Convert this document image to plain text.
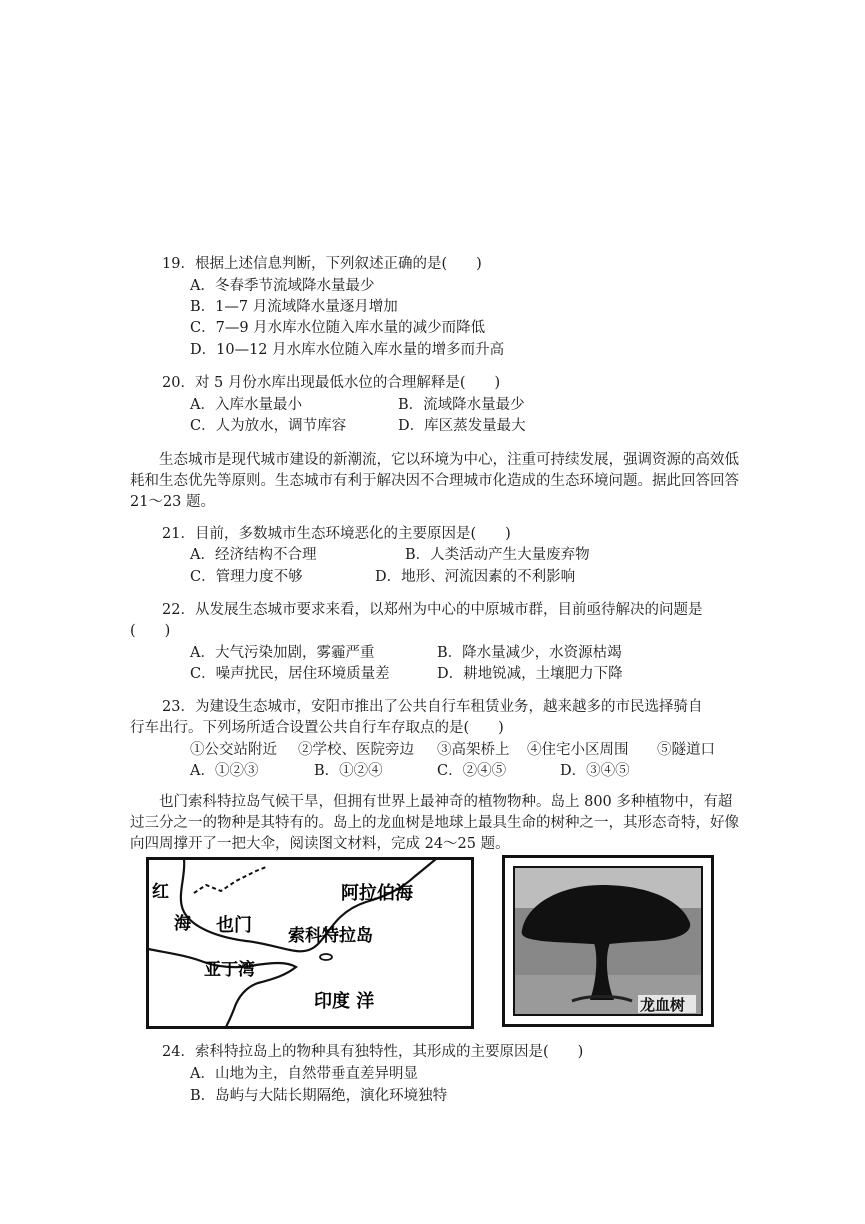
19．根据上述信息判断，下列叙述正确的是(　　)
A．冬春季节流域降水量最少
B．1—7 月流域降水量逐月增加
C．7—9 月水库水位随入库水量的减少而降低
D．10—12 月水库水位随入库水量的增多而升高
20．对 5 月份水库出现最低水位的合理解释是(　　)
A．入库水量最小	B．流域降水量最少
C．人为放水，调节库容	D．库区蒸发量最大
生态城市是现代城市建设的新潮流，它以环境为中心，注重可持续发展，强调资源的高效低耗和生态优先等原则。生态城市有利于解决因不合理城市化造成的生态环境问题。据此回答回答 21～23 题。
21．目前，多数城市生态环境恶化的主要原因是(　　)
A．经济结构不合理	B．人类活动产生大量废弃物
C．管理力度不够	D．地形、河流因素的不利影响
22．从发展生态城市要求来看，以郑州为中心的中原城市群，目前亟待解决的问题是
(　　)
A．大气污染加剧，雾霾严重	B．降水量减少，水资源枯竭
C．噪声扰民，居住环境质量差	D．耕地锐减，土壤肥力下降
23．为建设生态城市，安阳市推出了公共自行车租赁业务，越来越多的市民选择骑自
行车出行。下列场所适合设置公共自行车存取点的是(　　)
①公交站附近 ②学校、医院旁边 ③高架桥上 ④住宅小区周围 ⑤隧道口
A．①②③	B．①②④	C．②④⑤	D．③④⑤
也门索科特拉岛气候干旱，但拥有世界上最神奇的植物物种。岛上 800 多种植物中，有超过三分之一的物种是其特有的。岛上的龙血树是地球上最具生命的树种之一，其形态奇特，好像向四周撑开了一把大伞，阅读图文材料，完成 24～25 题。
红
海 也门
阿拉伯海
索科特拉岛
亚丁湾
印度 洋	龙血树
24．索科特拉岛上的物种具有独特性，其形成的主要原因是(　　)
A．山地为主，自然带垂直差异明显
B．岛屿与大陆长期隔绝，演化环境独特
